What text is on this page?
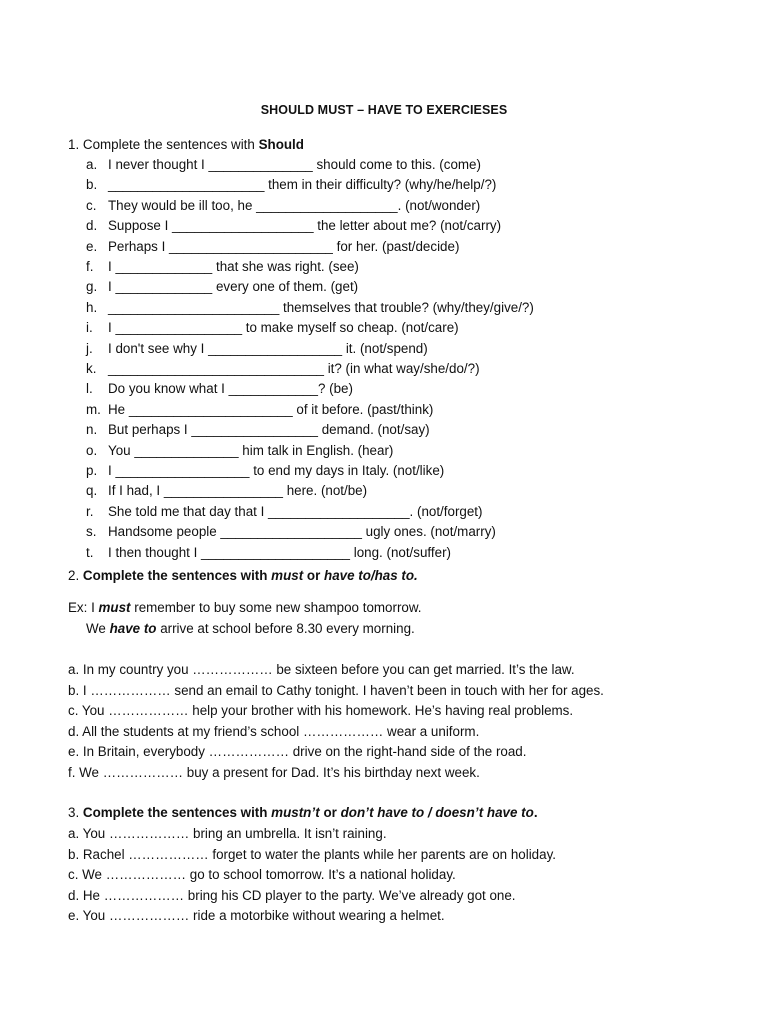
SHOULD MUST – HAVE TO EXERCIESES
1. Complete the sentences with Should
a. I never thought I ______________ should come to this. (come)
b. _____________________ them in their difficulty? (why/he/help/?)
c. They would be ill too, he ___________________. (not/wonder)
d. Suppose I ___________________ the letter about me? (not/carry)
e. Perhaps I ______________________ for her. (past/decide)
f. I _____________ that she was right. (see)
g. I _____________ every one of them. (get)
h. _______________________ themselves that trouble? (why/they/give/?)
i. I _________________ to make myself so cheap. (not/care)
j. I don't see why I __________________ it. (not/spend)
k. _____________________________ it? (in what way/she/do/?)
l. Do you know what I ____________? (be)
m. He ______________________ of it before. (past/think)
n. But perhaps I _________________ demand. (not/say)
o. You ______________ him talk in English. (hear)
p. I __________________ to end my days in Italy. (not/like)
q. If I had, I ________________ here. (not/be)
r. She told me that day that I ___________________. (not/forget)
s. Handsome people ___________________ ugly ones. (not/marry)
t. I then thought I ____________________ long. (not/suffer)
2. Complete the sentences with must or have to/has to.
Ex: I must remember to buy some new shampoo tomorrow.
We have to arrive at school before 8.30 every morning.
a. In my country you ……………… be sixteen before you can get married. It’s the law.
b. I ……………… send an email to Cathy tonight. I haven’t been in touch with her for ages.
c. You ……………… help your brother with his homework. He’s having real problems.
d. All the students at my friend’s school ……………… wear a uniform.
e. In Britain, everybody ……………… drive on the right-hand side of the road.
f. We ……………… buy a present for Dad. It’s his birthday next week.
3. Complete the sentences with mustn’t or don’t have to / doesn’t have to.
a. You ……………… bring an umbrella. It isn’t raining.
b. Rachel ……………… forget to water the plants while her parents are on holiday.
c. We ……………… go to school tomorrow. It’s a national holiday.
d. He ……………… bring his CD player to the party. We’ve already got one.
e. You ……………… ride a motorbike without wearing a helmet.
